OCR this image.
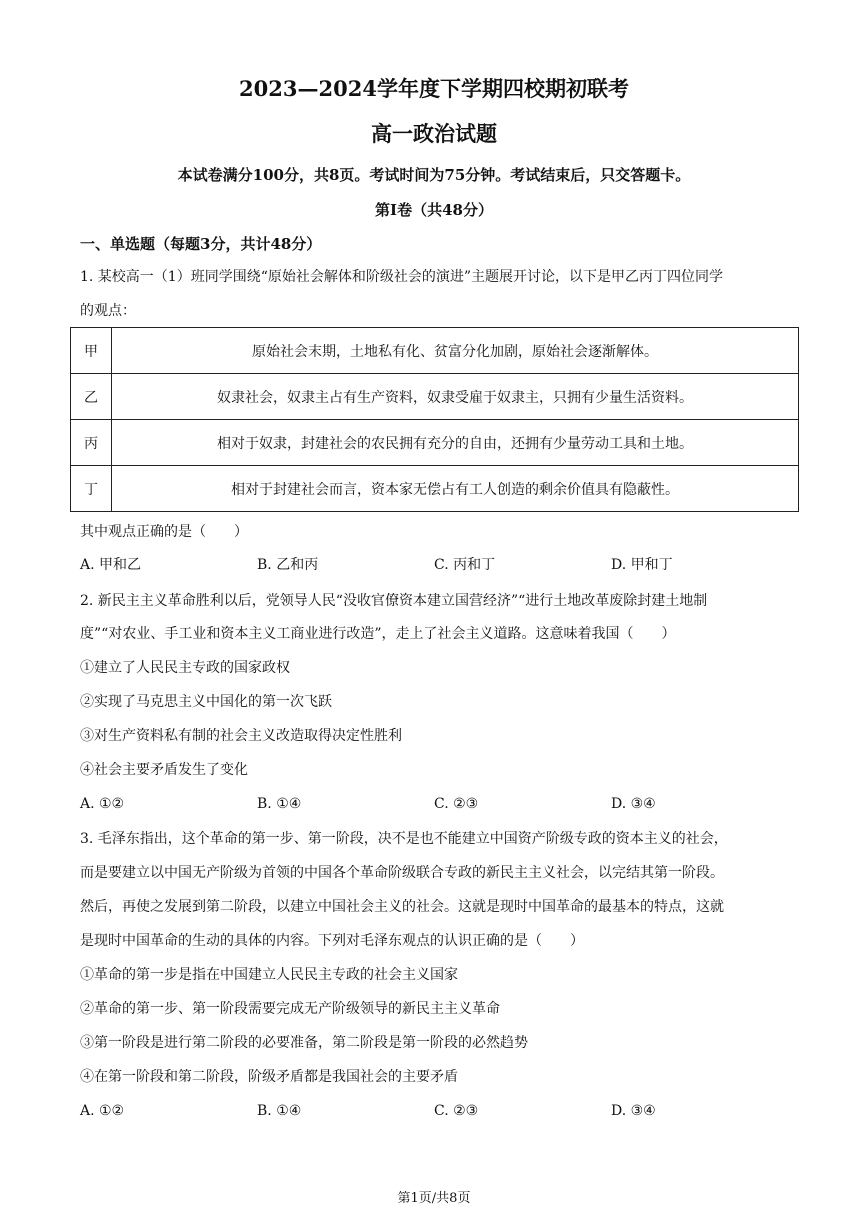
2023—2024学年度下学期四校期初联考
高一政治试题
本试卷满分100分，共8页。考试时间为75分钟。考试结束后，只交答题卡。
第Ⅰ卷（共48分）
一、单选题（每题3分，共计48分）
1. 某校高一（1）班同学围绕“原始社会解体和阶级社会的演进”主题展开讨论，以下是甲乙丙丁四位同学
的观点：
甲	原始社会末期，土地私有化、贫富分化加剧，原始社会逐渐解体。
乙	奴隶社会，奴隶主占有生产资料，奴隶受雇于奴隶主，只拥有少量生活资料。
丙	相对于奴隶，封建社会的农民拥有充分的自由，还拥有少量劳动工具和土地。
丁	相对于封建社会而言，资本家无偿占有工人创造的剩余价值具有隐蔽性。
其中观点正确的是（　　）
A. 甲和乙	B. 乙和丙	C. 丙和丁	D. 甲和丁
2. 新民主主义革命胜利以后，党领导人民“没收官僚资本建立国营经济”“进行土地改革废除封建土地制
度”“对农业、手工业和资本主义工商业进行改造”，走上了社会主义道路。这意味着我国（　　）
①建立了人民民主专政的国家政权
②实现了马克思主义中国化的第一次飞跃
③对生产资料私有制的社会主义改造取得决定性胜利
④社会主要矛盾发生了变化
A. ①②	B. ①④	C. ②③	D. ③④
3. 毛泽东指出，这个革命的第一步、第一阶段，决不是也不能建立中国资产阶级专政的资本主义的社会，
而是要建立以中国无产阶级为首领的中国各个革命阶级联合专政的新民主主义社会，以完结其第一阶段。
然后，再使之发展到第二阶段，以建立中国社会主义的社会。这就是现时中国革命的最基本的特点，这就
是现时中国革命的生动的具体的内容。下列对毛泽东观点的认识正确的是（　　）
①革命的第一步是指在中国建立人民民主专政的社会主义国家
②革命的第一步、第一阶段需要完成无产阶级领导的新民主主义革命
③第一阶段是进行第二阶段的必要准备，第二阶段是第一阶段的必然趋势
④在第一阶段和第二阶段，阶级矛盾都是我国社会的主要矛盾
A. ①②	B. ①④	C. ②③	D. ③④
第1页/共8页
